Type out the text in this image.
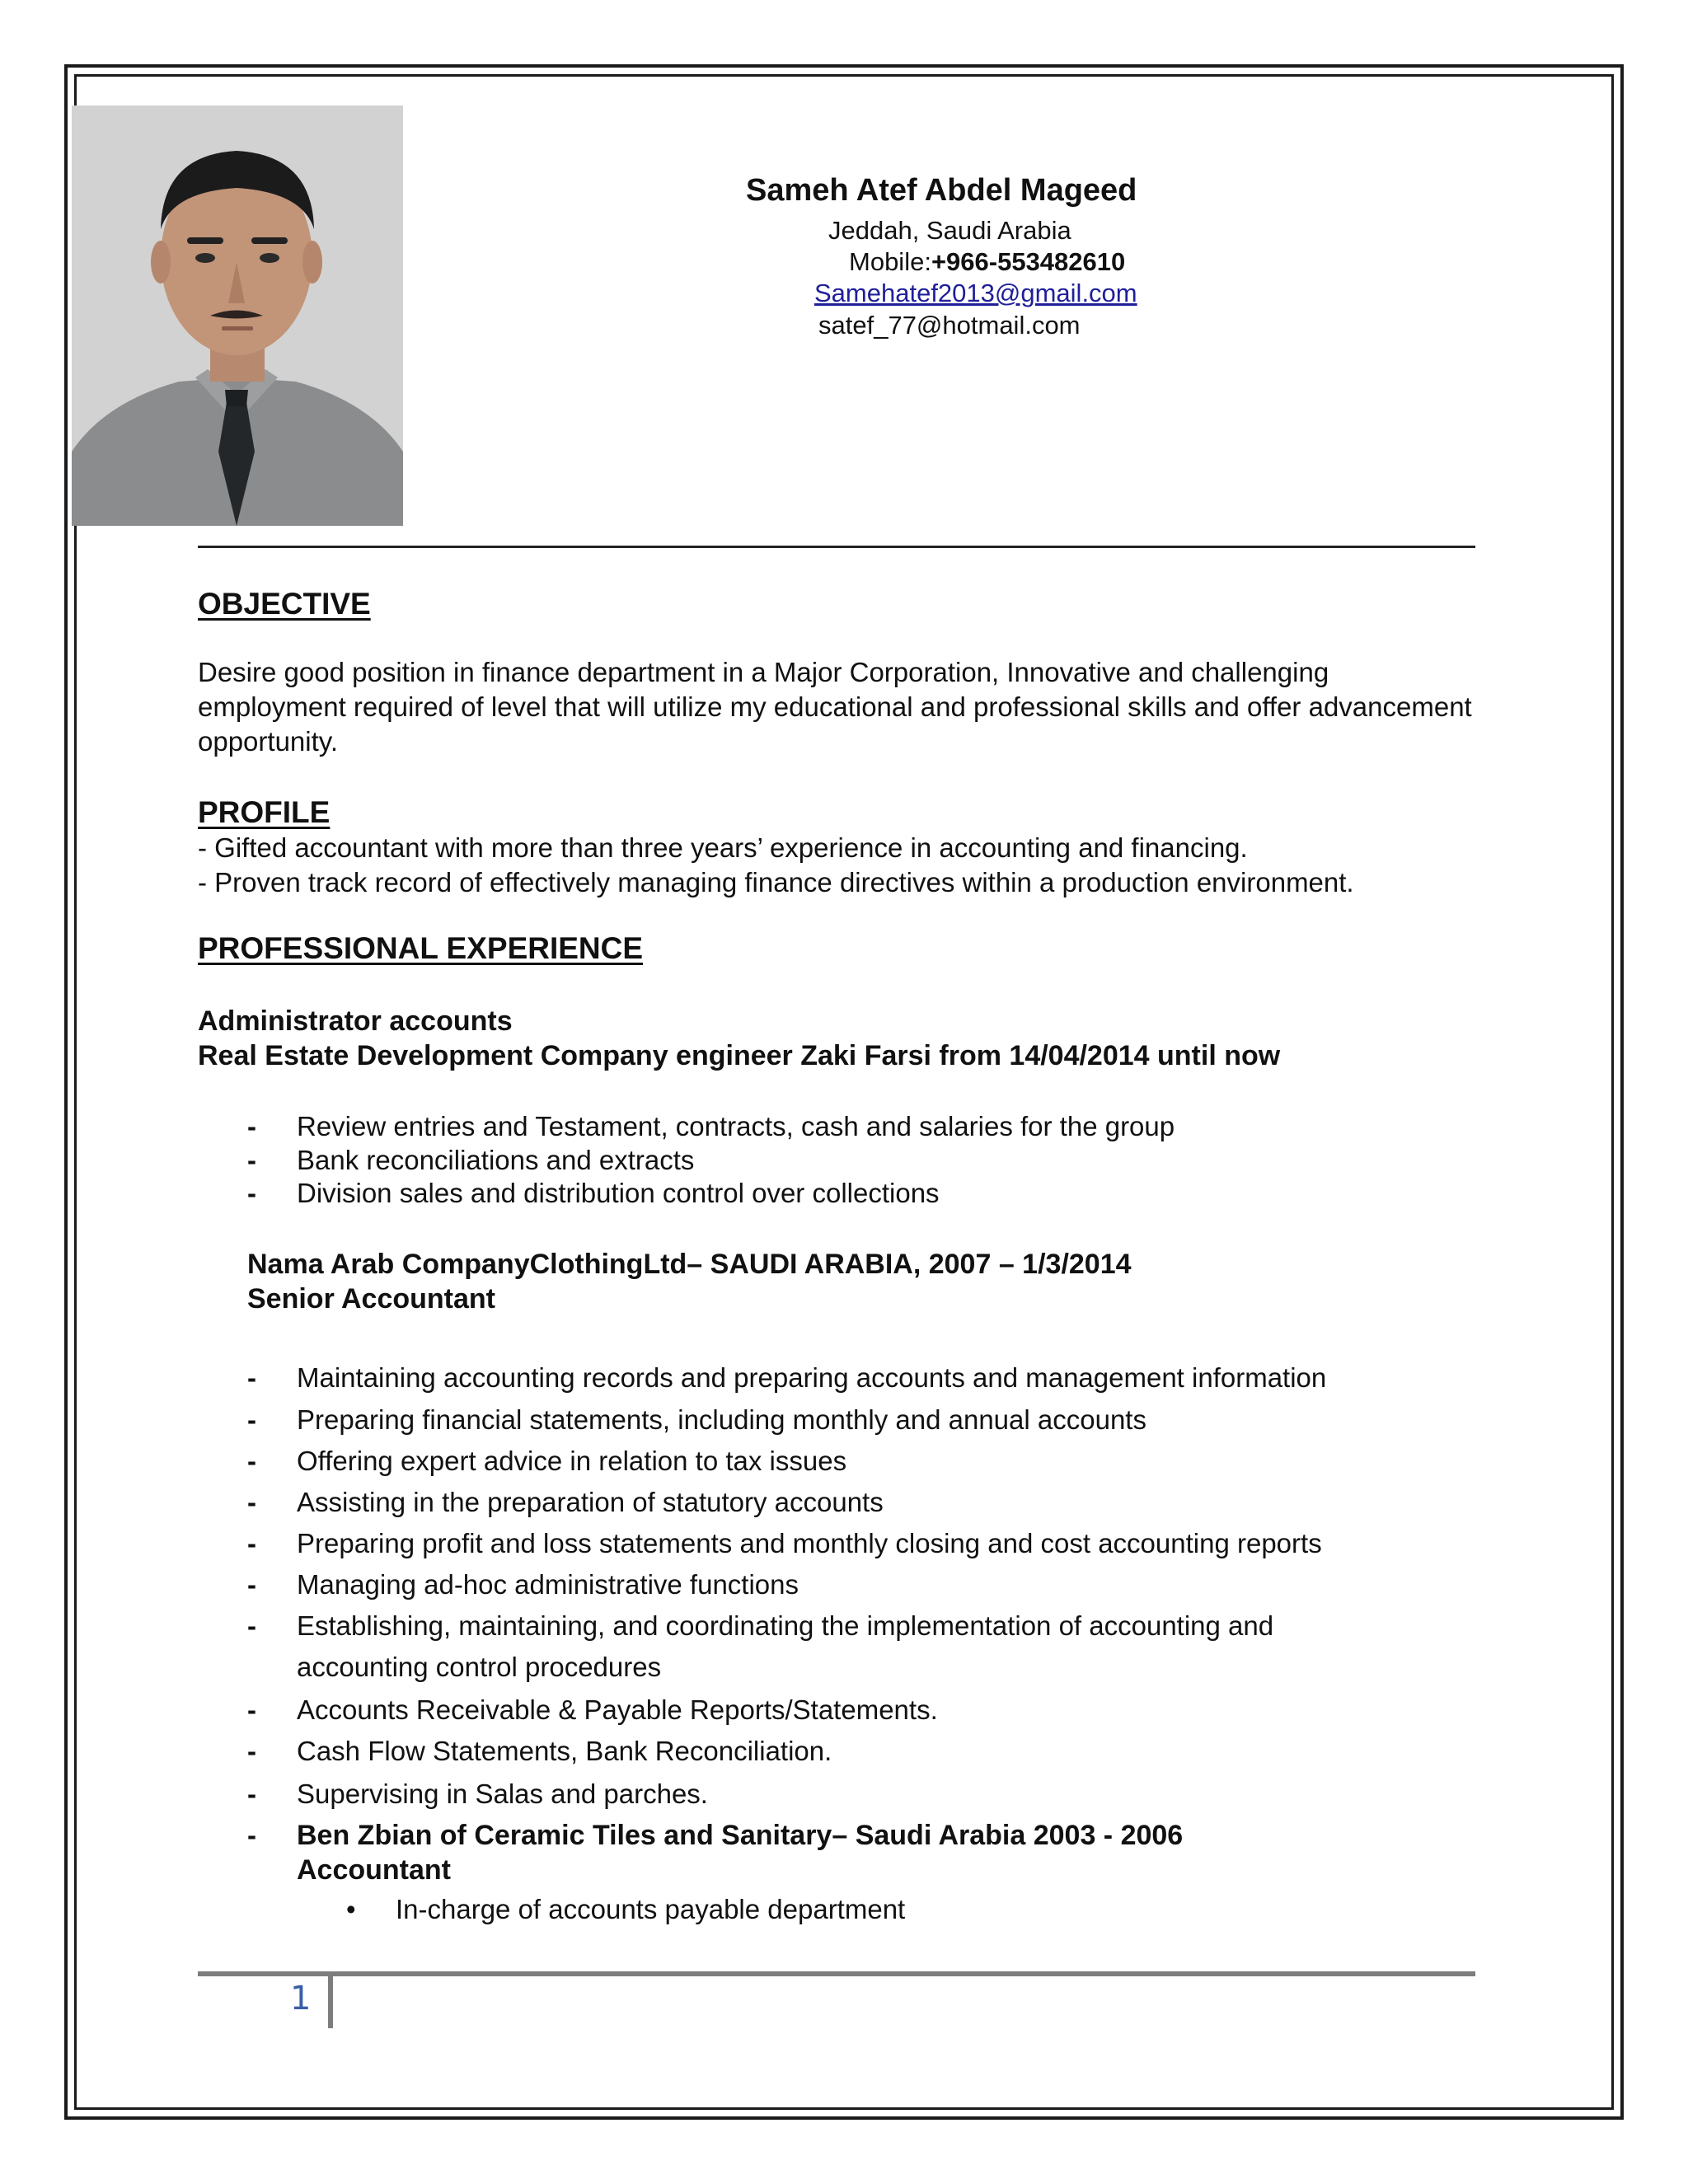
Sameh Atef Abdel Mageed
Jeddah, Saudi Arabia
Mobile:+966-553482610
Samehatef2013@gmail.com
satef_77@hotmail.com
OBJECTIVE
Desire good position in finance department in a Major Corporation, Innovative and challenging employment required of level that will utilize my educational and professional skills and offer advancement opportunity.
PROFILE
- Gifted accountant with more than three years’ experience in accounting and financing.
- Proven track record of effectively managing finance directives within a production environment.
PROFESSIONAL EXPERIENCE
Administrator accounts
Real Estate Development Company engineer Zaki Farsi from 14/04/2014 until now
- Review entries and Testament, contracts, cash and salaries for the group
- Bank reconciliations and extracts
- Division sales and distribution control over collections
Nama Arab CompanyClothingLtd– SAUDI ARABIA, 2007 – 1/3/2014
Senior Accountant
- Maintaining accounting records and preparing accounts and management information
- Preparing financial statements, including monthly and annual accounts
- Offering expert advice in relation to tax issues
- Assisting in the preparation of statutory accounts
- Preparing profit and loss statements and monthly closing and cost accounting reports
- Managing ad-hoc administrative functions
- Establishing, maintaining, and coordinating the implementation of accounting and
accounting control procedures
- Accounts Receivable & Payable Reports/Statements.
- Cash Flow Statements, Bank Reconciliation.
- Supervising in Salas and parches.
- Ben Zbian of Ceramic Tiles and Sanitary– Saudi Arabia 2003 - 2006
Accountant
• In-charge of accounts payable department
1
